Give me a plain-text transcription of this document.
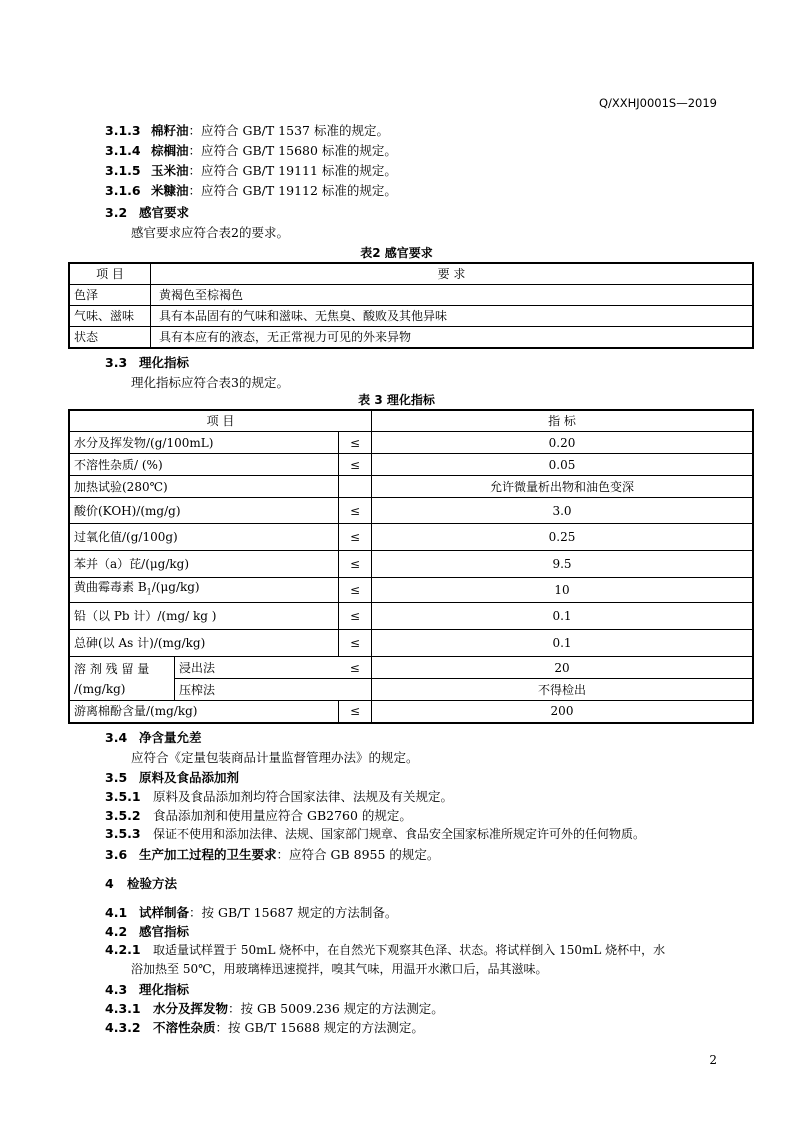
Q/XXHJ0001S—2019
3.1.3 棉籽油：应符合 GB/T 1537 标准的规定。
3.1.4 棕榈油：应符合 GB/T 15680 标准的规定。
3.1.5 玉米油：应符合 GB/T 19111 标准的规定。
3.1.6 米糠油：应符合 GB/T 19112 标准的规定。
3.2 感官要求
感官要求应符合表2的要求。
表2 感官要求
项 目	要 求
色泽	黄褐色至棕褐色
气味、滋味	具有本品固有的气味和滋味、无焦臭、酸败及其他异味
状态	具有本应有的液态，无正常视力可见的外来异物
3.3 理化指标
理化指标应符合表3的规定。
表 3 理化指标
项 目			指 标
水分及挥发物/(g/100mL)		≤	0.20
不溶性杂质/ (%)		≤	0.05
加热试验(280℃)			允许微量析出物和油色变深
酸价(KOH)/(mg/g)		≤	3.0
过氧化值/(g/100g)		≤	0.25
苯并（a）芘/(μg/kg)		≤	9.5
黄曲霉毒素 $B_1/(\mu g/kg)$		≤	10
铅（以 Pb 计）/(mg/ kg )		≤	0.1
总砷(以 As 计)/(mg/kg)		≤	0.1

溶 剂 残 留 量
/(mg/kg)	浸出法	≤	20
	压榨法		不得检出
游离棉酚含量/(mg/kg)		≤	200
3.4 净含量允差
应符合《定量包装商品计量监督管理办法》的规定。
3.5 原料及食品添加剂
3.5.1 原料及食品添加剂均符合国家法律、法规及有关规定。
3.5.2 食品添加剂和使用量应符合 GB2760 的规定。
3.5.3 保证不使用和添加法律、法规、国家部门规章、食品安全国家标准所规定许可外的任何物质。
3.6 生产加工过程的卫生要求：应符合 GB 8955 的规定。
4 检验方法
4.1 试样制备：按 GB/T 15687 规定的方法制备。
4.2 感官指标
4.2.1 取适量试样置于 50mL 烧杯中，在自然光下观察其色泽、状态。将试样倒入 150mL 烧杯中，水
浴加热至 50℃，用玻璃棒迅速搅拌，嗅其气味，用温开水漱口后，品其滋味。
4.3 理化指标
4.3.1 水分及挥发物：按 GB 5009.236 规定的方法测定。
4.3.2 不溶性杂质：按 GB/T 15688 规定的方法测定。
2
